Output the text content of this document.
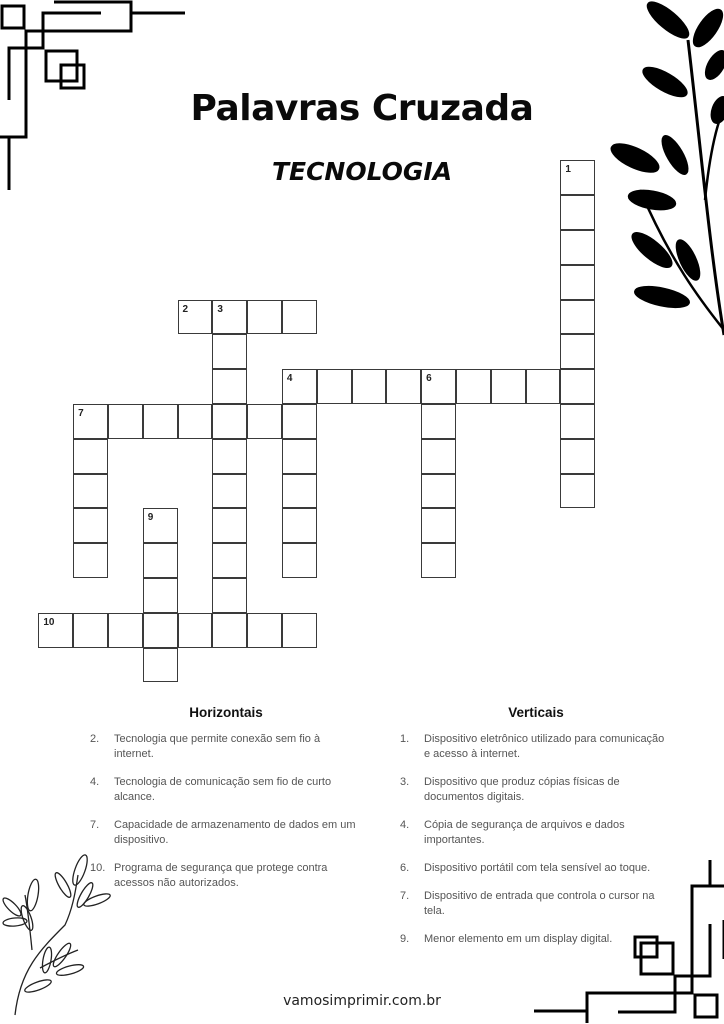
Palavras Cruzada
TECNOLOGIA	1
2	3
4	6
7
9
10
Horizontais
2.	Tecnologia que permite conexão sem fio à internet.
4.	Tecnologia de comunicação sem fio de curto alcance.
7.	Capacidade de armazenamento de dados em um dispositivo.
10. Programa de segurança que protege contra acessos não autorizados.
Verticais
1.	Dispositivo eletrônico utilizado para comunicação e acesso à internet.
3.	Dispositivo que produz cópias físicas de documentos digitais.
4.	Cópia de segurança de arquivos e dados importantes.
6.	Dispositivo portátil com tela sensível ao toque.
7.	Dispositivo de entrada que controla o cursor na tela.
9.	Menor elemento em um display digital.
vamosimprimir.com.br
